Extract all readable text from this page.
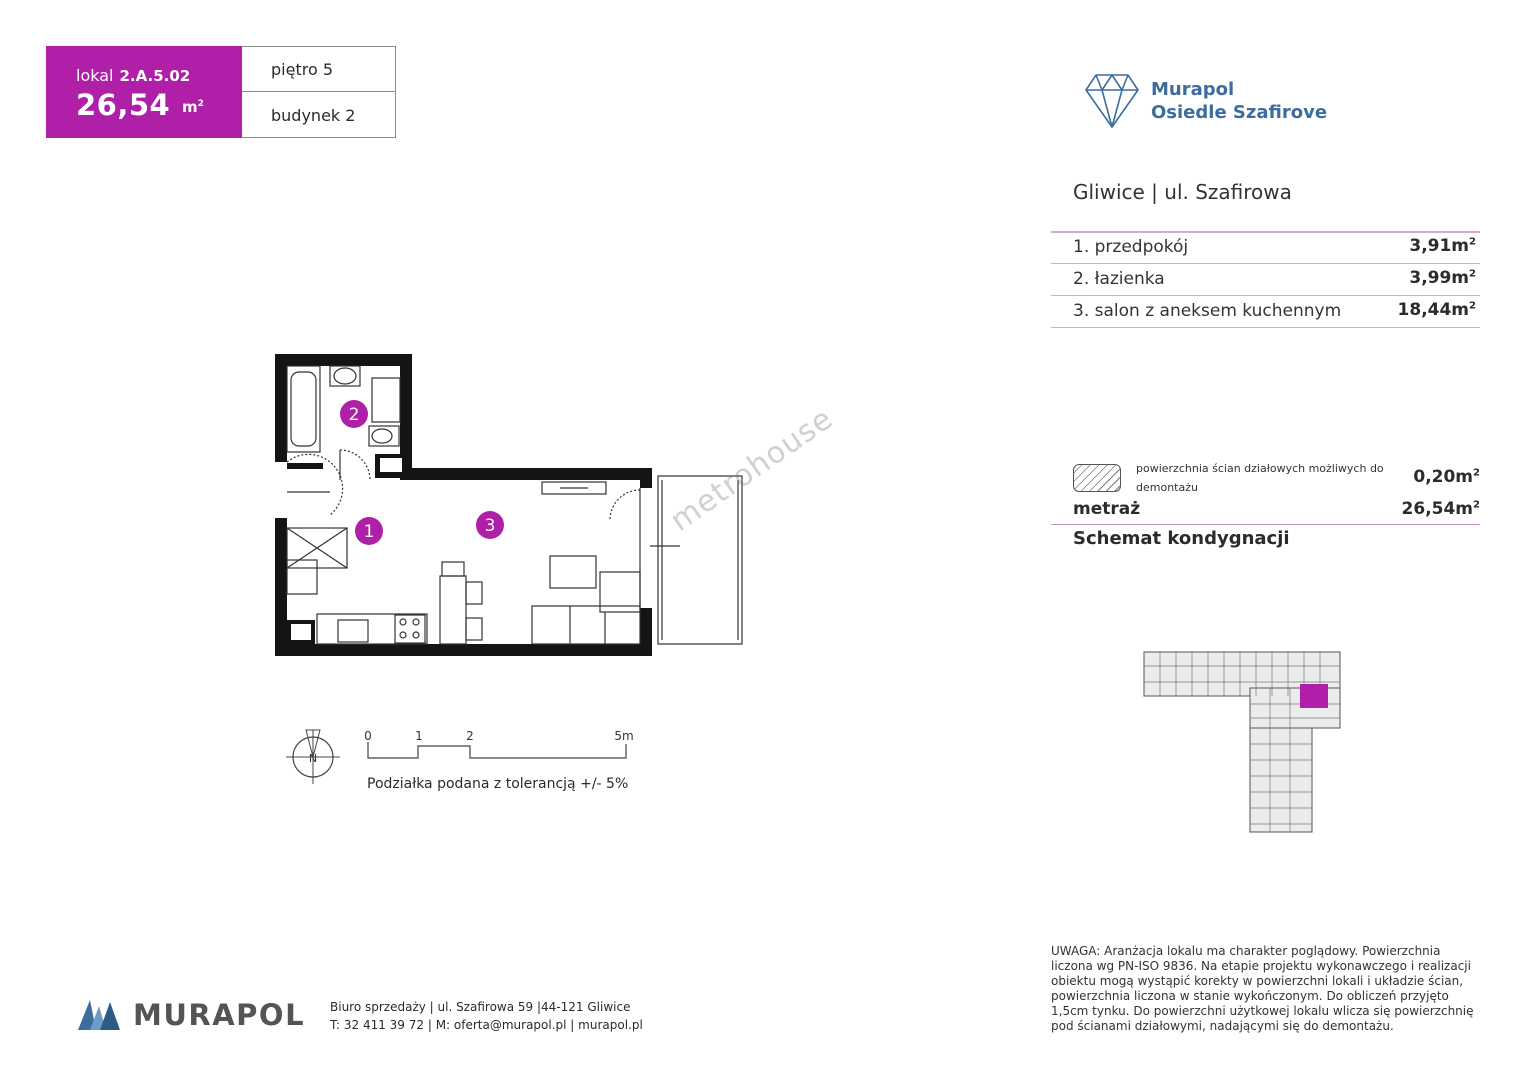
lokal 2.A.5.02
26,54 $m^2$
piętro 5
budynek 2
Murapol
Osiedle Szafirove
Gliwice | ul. Szafirowa
1. przedpokój	$3,91m^2$
2. łazienka	$3,99m^2$
3. salon z aneksem kuchennym	$18,44m^2$
powierzchnia ścian działowych możliwych do demontażu
$0,20m^2$
metraż	$26,54m^2$
Schemat kondygnacji
2
1	3	metrohouse
N
0	1	2	5m
Podziałka podana z tolerancją +/- 5%
MURAPOL Biuro sprzedaży | ul. Szafirowa 59 |44-121 Gliwice
T: 32 411 39 72 | M: oferta@murapol.pl | murapol.pl
UWAGA: Aranżacja lokalu ma charakter poglądowy. Powierzchnia liczona wg PN-ISO 9836. Na etapie projektu wykonawczego i realizacji obiektu mogą wystąpić korekty w powierzchni lokali i układzie ścian, powierzchnia liczona w stanie wykończonym. Do obliczeń przyjęto 1,5cm tynku. Do powierzchni użytkowej lokalu wlicza się powierzchnię pod ścianami działowymi, nadającymi się do demontażu.
